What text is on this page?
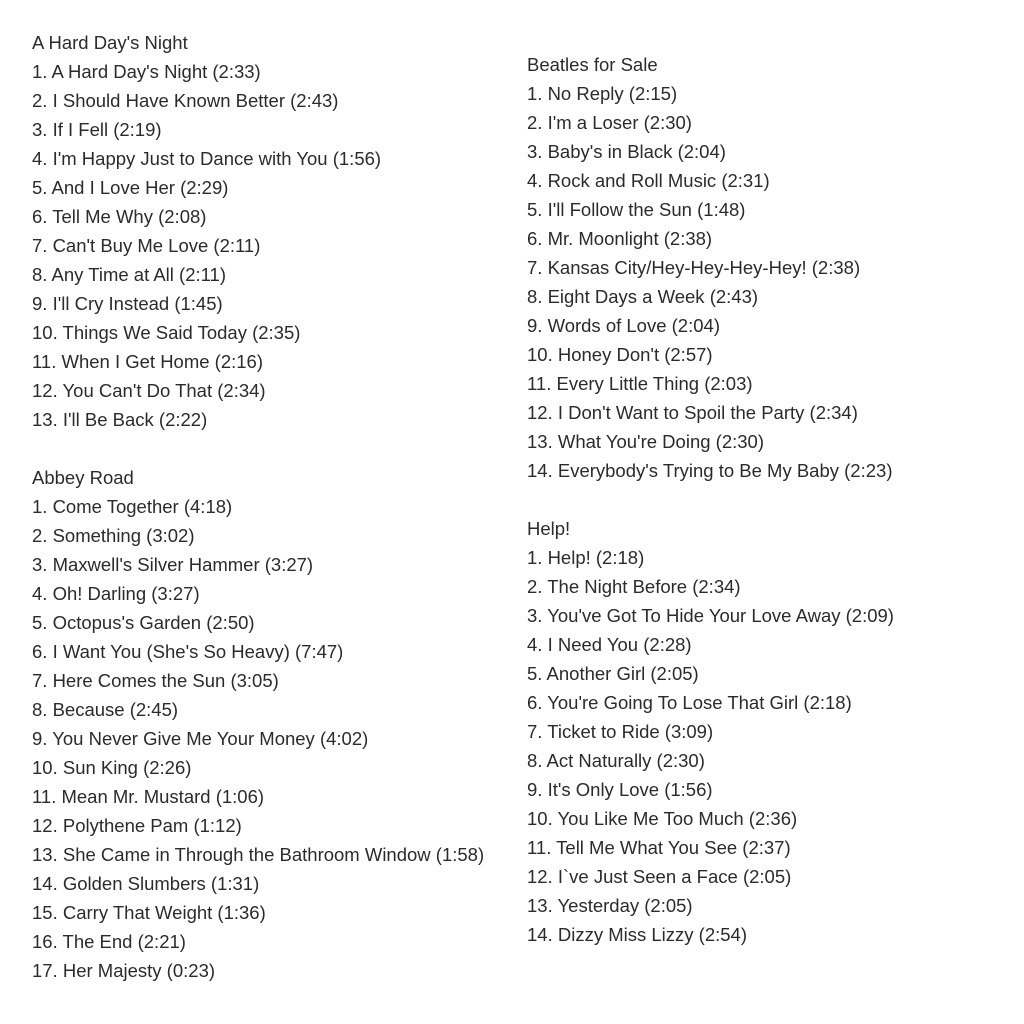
A Hard Day's Night
1. A Hard Day's Night (2:33)
2. I Should Have Known Better (2:43)
3. If I Fell (2:19)
4. I'm Happy Just to Dance with You (1:56)
5. And I Love Her (2:29)
6. Tell Me Why (2:08)
7. Can't Buy Me Love (2:11)
8. Any Time at All (2:11)
9. I'll Cry Instead (1:45)
10. Things We Said Today (2:35)
11. When I Get Home (2:16)
12. You Can't Do That (2:34)
13. I'll Be Back (2:22)
Abbey Road
1. Come Together (4:18)
2. Something (3:02)
3. Maxwell's Silver Hammer (3:27)
4. Oh! Darling (3:27)
5. Octopus's Garden (2:50)
6. I Want You (She's So Heavy) (7:47)
7. Here Comes the Sun (3:05)
8. Because (2:45)
9. You Never Give Me Your Money (4:02)
10. Sun King (2:26)
11. Mean Mr. Mustard (1:06)
12. Polythene Pam (1:12)
13. She Came in Through the Bathroom Window (1:58)
14. Golden Slumbers (1:31)
15. Carry That Weight (1:36)
16. The End (2:21)
17. Her Majesty (0:23)
Beatles for Sale
1. No Reply (2:15)
2. I'm a Loser (2:30)
3. Baby's in Black (2:04)
4. Rock and Roll Music (2:31)
5. I'll Follow the Sun (1:48)
6. Mr. Moonlight (2:38)
7. Kansas City/Hey-Hey-Hey-Hey! (2:38)
8. Eight Days a Week (2:43)
9. Words of Love (2:04)
10. Honey Don't (2:57)
11. Every Little Thing (2:03)
12. I Don't Want to Spoil the Party (2:34)
13. What You're Doing (2:30)
14. Everybody's Trying to Be My Baby (2:23)
Help!
1. Help! (2:18)
2. The Night Before (2:34)
3. You've Got To Hide Your Love Away (2:09)
4. I Need You (2:28)
5. Another Girl (2:05)
6. You're Going To Lose That Girl (2:18)
7. Ticket to Ride (3:09)
8. Act Naturally (2:30)
9. It's Only Love (1:56)
10. You Like Me Too Much (2:36)
11. Tell Me What You See (2:37)
12. I`ve Just Seen a Face (2:05)
13. Yesterday (2:05)
14. Dizzy Miss Lizzy (2:54)
